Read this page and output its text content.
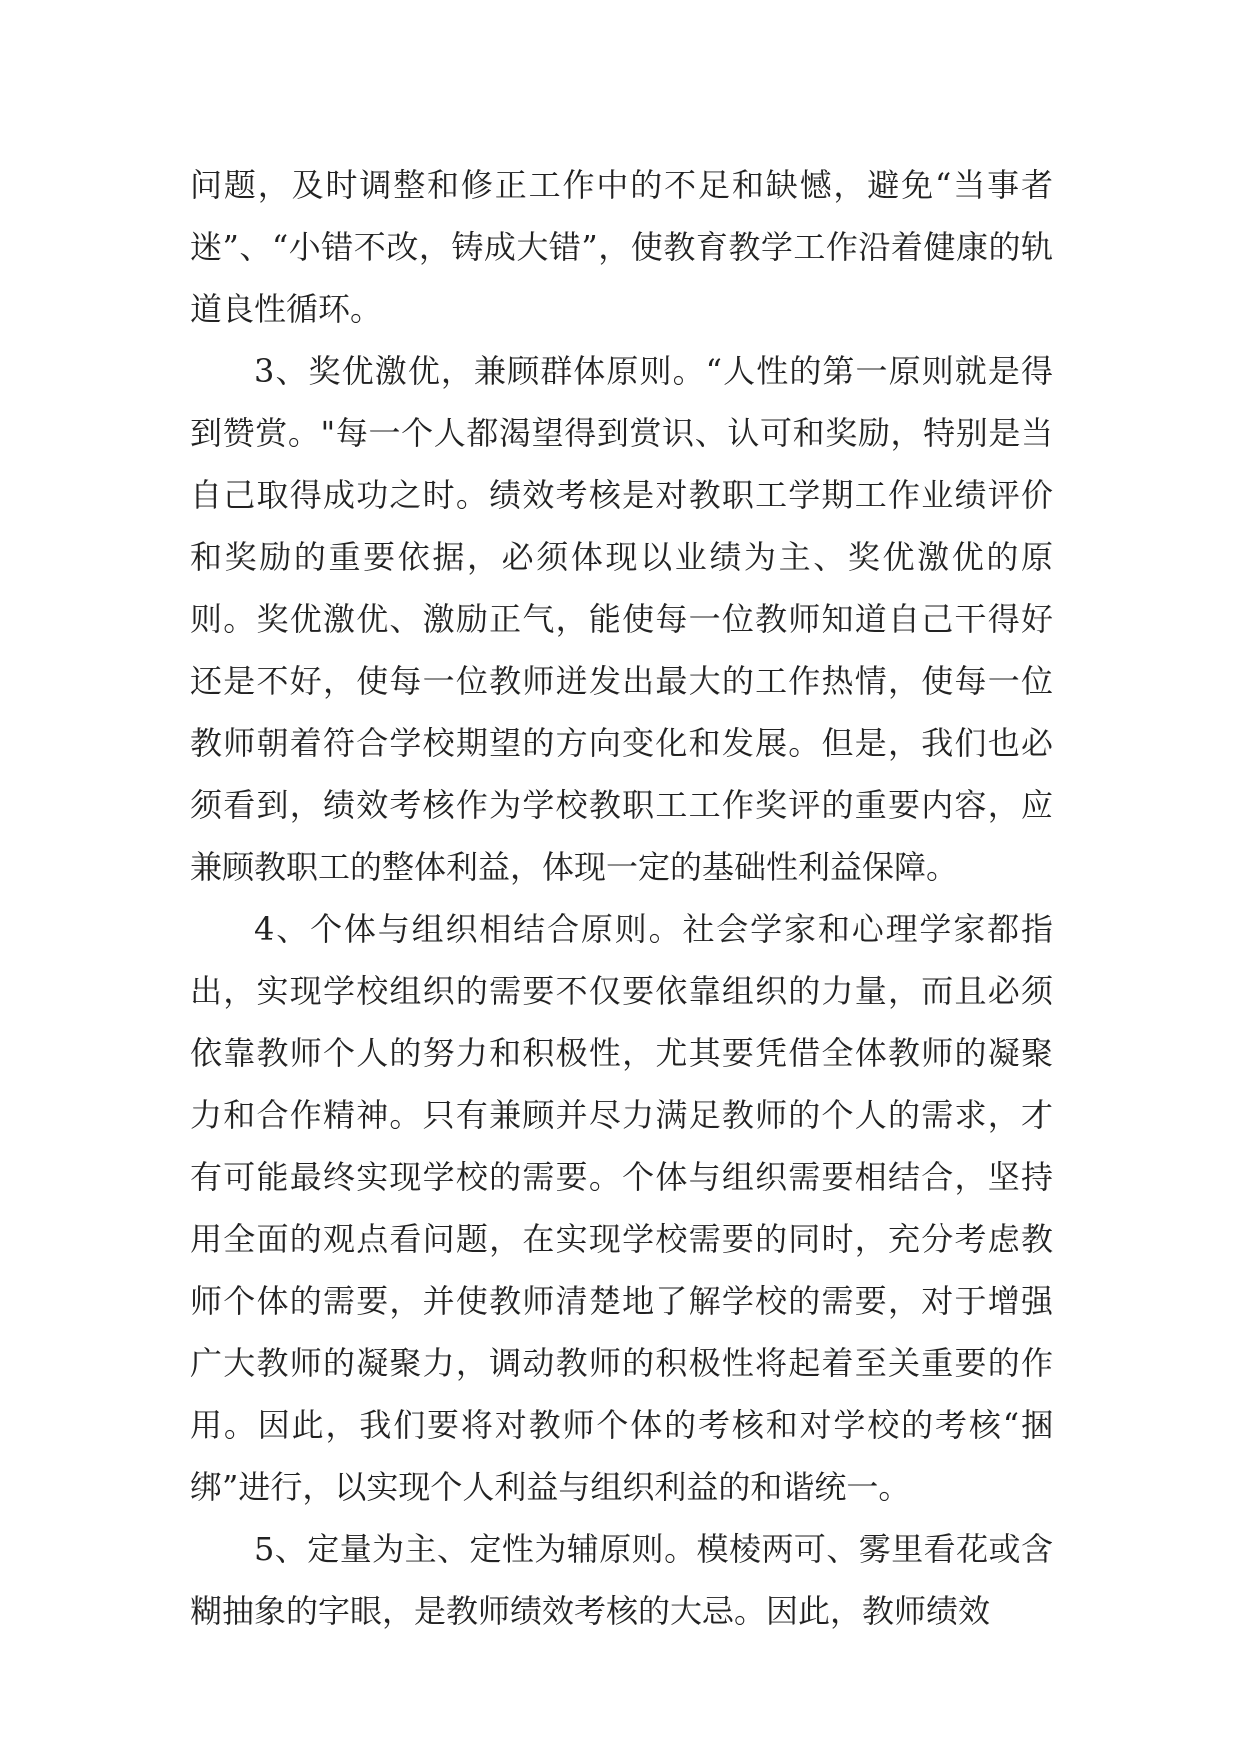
问题，及时调整和修正工作中的不足和缺憾，避免“当事者迷”、“小错不改，铸成大错”，使教育教学工作沿着健康的轨道良性循环。

3、奖优激优，兼顾群体原则。“人性的第一原则就是得到赞赏。"每一个人都渴望得到赏识、认可和奖励，特别是当自己取得成功之时。绩效考核是对教职工学期工作业绩评价和奖励的重要依据，必须体现以业绩为主、奖优激优的原则。奖优激优、激励正气，能使每一位教师知道自己干得好还是不好，使每一位教师迸发出最大的工作热情，使每一位教师朝着符合学校期望的方向变化和发展。但是，我们也必须看到，绩效考核作为学校教职工工作奖评的重要内容，应兼顾教职工的整体利益，体现一定的基础性利益保障。

4、个体与组织相结合原则。社会学家和心理学家都指出，实现学校组织的需要不仅要依靠组织的力量，而且必须依靠教师个人的努力和积极性，尤其要凭借全体教师的凝聚力和合作精神。只有兼顾并尽力满足教师的个人的需求，才有可能最终实现学校的需要。个体与组织需要相结合，坚持用全面的观点看问题，在实现学校需要的同时，充分考虑教师个体的需要，并使教师清楚地了解学校的需要，对于增强广大教师的凝聚力，调动教师的积极性将起着至关重要的作用。因此，我们要将对教师个体的考核和对学校的考核“捆绑”进行，以实现个人利益与组织利益的和谐统一。

5、定量为主、定性为辅原则。模棱两可、雾里看花或含糊抽象的字眼，是教师绩效考核的大忌。因此，教师绩效
